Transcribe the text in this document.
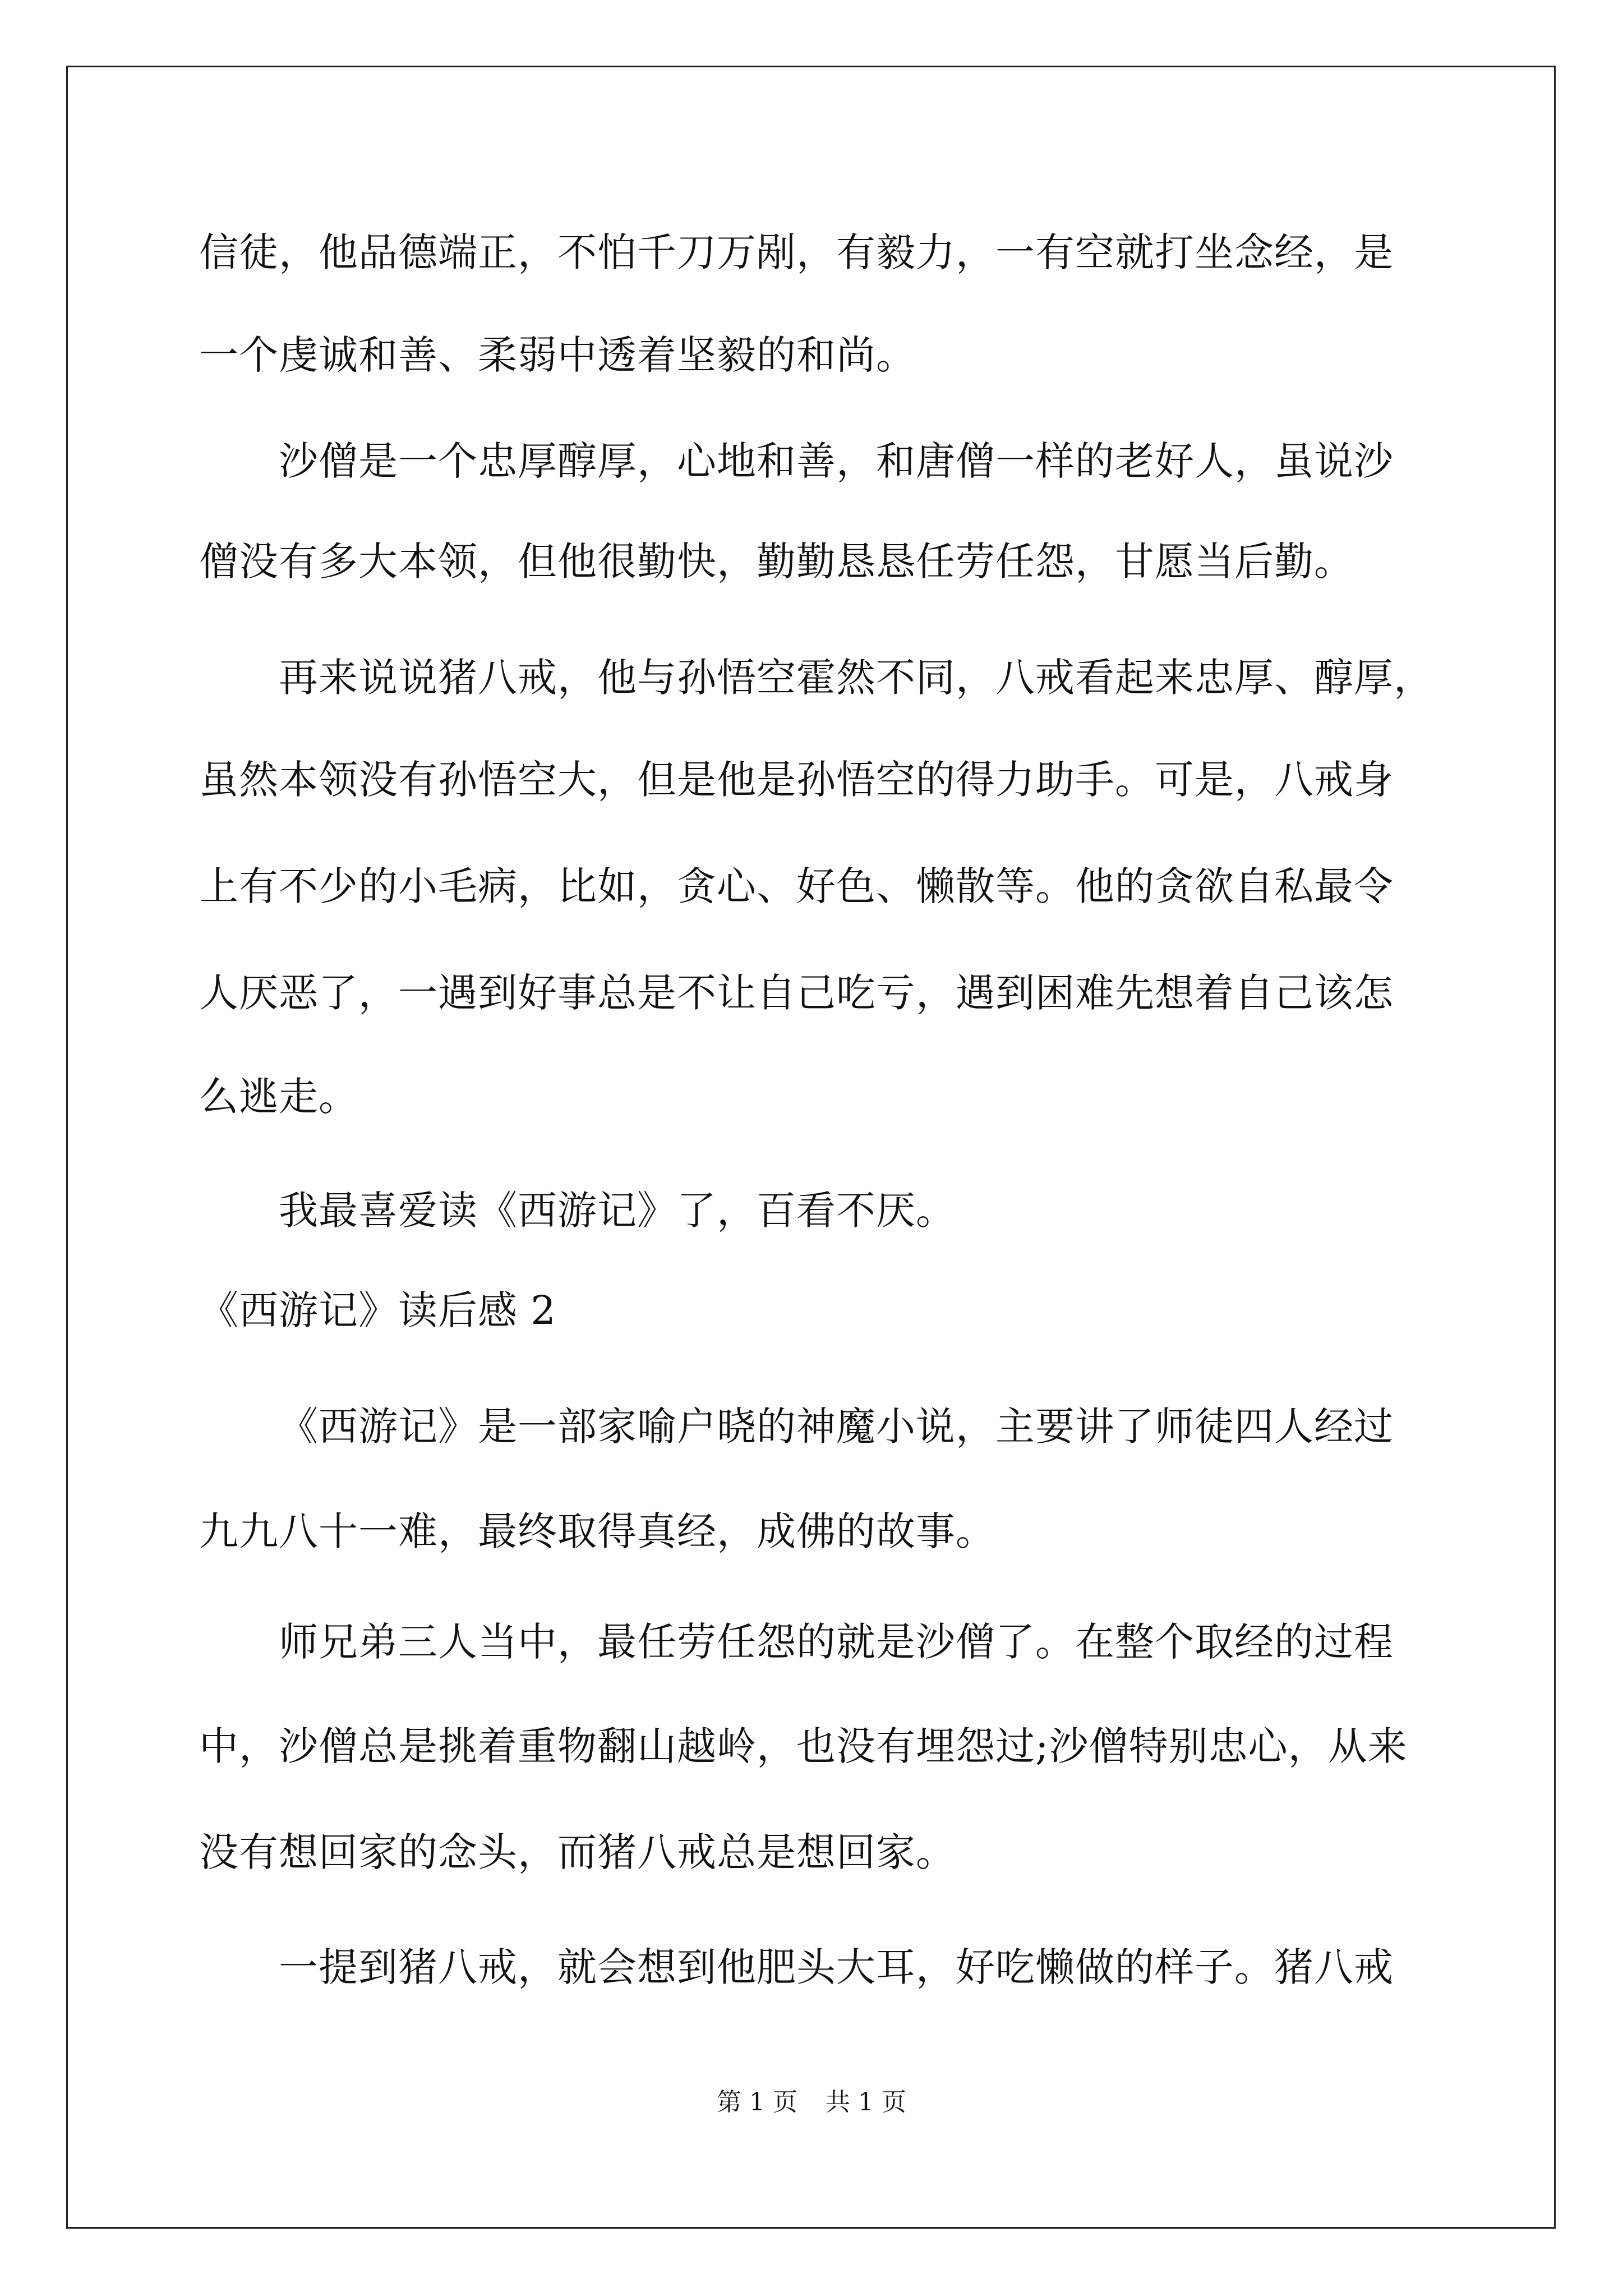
信徒，他品德端正，不怕千刀万剐，有毅力，一有空就打坐念经，是
一个虔诚和善、柔弱中透着坚毅的和尚。
沙僧是一个忠厚醇厚，心地和善，和唐僧一样的老好人，虽说沙
僧没有多大本领，但他很勤快，勤勤恳恳任劳任怨，甘愿当后勤。
再来说说猪八戒，他与孙悟空霍然不同，八戒看起来忠厚、醇厚，
虽然本领没有孙悟空大，但是他是孙悟空的得力助手。可是，八戒身
上有不少的小毛病，比如，贪心、好色、懒散等。他的贪欲自私最令
人厌恶了，一遇到好事总是不让自己吃亏，遇到困难先想着自己该怎
么逃走。
我最喜爱读《西游记》了，百看不厌。
《西游记》读后感 2
《西游记》是一部家喻户晓的神魔小说，主要讲了师徒四人经过
九九八十一难，最终取得真经，成佛的故事。
师兄弟三人当中，最任劳任怨的就是沙僧了。在整个取经的过程
中，沙僧总是挑着重物翻山越岭，也没有埋怨过;沙僧特别忠心，从来
没有想回家的念头，而猪八戒总是想回家。
一提到猪八戒，就会想到他肥头大耳，好吃懒做的样子。猪八戒
第 1 页 共 1 页
